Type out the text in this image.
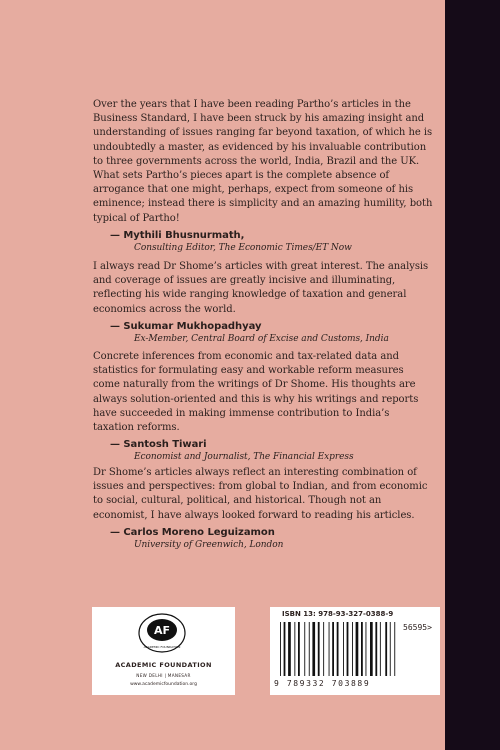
Over the years that I have been reading Partho’s articles in the Business Standard, I have been struck by his amazing insight and understanding of issues ranging far beyond taxation, of which he is undoubtedly a master, as evidenced by his invaluable contribution to three governments across the world, India, Brazil and the UK. What sets Partho’s pieces apart is the complete absence of arrogance that one might, perhaps, expect from someone of his eminence; instead there is simplicity and an amazing humility, both typical of Partho!
— Mythili Bhusnurmath,
Consulting Editor, The Economic Times/ET Now
I always read Dr Shome’s articles with great interest. The analysis and coverage of issues are greatly incisive and illuminating, reflecting his wide ranging knowledge of taxation and general economics across the world.
— Sukumar Mukhopadhyay
Ex-Member, Central Board of Excise and Customs, India
Concrete inferences from economic and tax-related data and statistics for formulating easy and workable reform measures come naturally from the writings of Dr Shome. His thoughts are always solution-oriented and this is why his writings and reports have succeeded in making immense contribution to India’s taxation reforms.
— Santosh Tiwari
Economist and Journalist, The Financial Express
Dr Shome’s articles always reflect an interesting combination of issues and perspectives: from global to Indian, and from economic to social, cultural, political, and historical. Though not an economist, I have always looked forward to reading his articles.
— Carlos Moreno Leguizamon
University of Greenwich, London
AF
ACADEMIC FOUNDATION
ACADEMIC FOUNDATION
NEW DELHI | MANESAR
www.academicfoundation.org
ISBN 13: 978-93-327-0388-9
56595>
9 789332 703889
